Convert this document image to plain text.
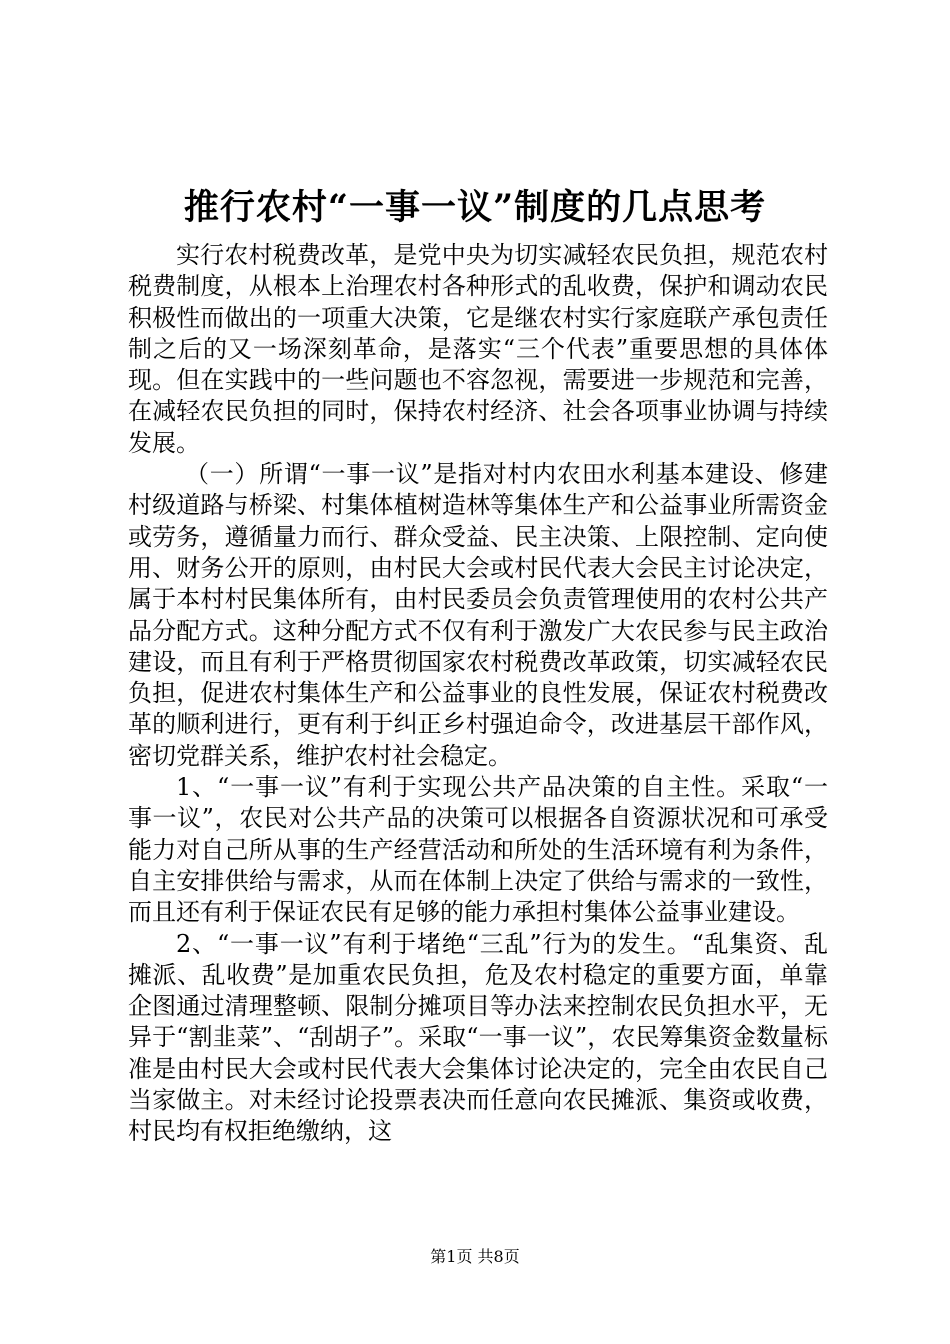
推行农村“一事一议”制度的几点思考

实行农村税费改革，是党中央为切实减轻农民负担，规范农村税费制度，从根本上治理农村各种形式的乱收费，保护和调动农民积极性而做出的一项重大决策，它是继农村实行家庭联产承包责任制之后的又一场深刻革命，是落实“三个代表”重要思想的具体体现。但在实践中的一些问题也不容忽视，需要进一步规范和完善，在减轻农民负担的同时，保持农村经济、社会各项事业协调与持续发展。

（一）所谓“一事一议”是指对村内农田水利基本建设、修建村级道路与桥梁、村集体植树造林等集体生产和公益事业所需资金或劳务，遵循量力而行、群众受益、民主决策、上限控制、定向使用、财务公开的原则，由村民大会或村民代表大会民主讨论决定，属于本村村民集体所有，由村民委员会负责管理使用的农村公共产品分配方式。这种分配方式不仅有利于激发广大农民参与民主政治建设，而且有利于严格贯彻国家农村税费改革政策，切实减轻农民负担，促进农村集体生产和公益事业的良性发展，保证农村税费改革的顺利进行，更有利于纠正乡村强迫命令，改进基层干部作风，密切党群关系，维护农村社会稳定。

1、“一事一议”有利于实现公共产品决策的自主性。采取“一事一议”，农民对公共产品的决策可以根据各自资源状况和可承受能力对自己所从事的生产经营活动和所处的生活环境有利为条件，自主安排供给与需求，从而在体制上决定了供给与需求的一致性，而且还有利于保证农民有足够的能力承担村集体公益事业建设。

2、“一事一议”有利于堵绝“三乱”行为的发生。“乱集资、乱摊派、乱收费”是加重农民负担，危及农村稳定的重要方面，单靠企图通过清理整顿、限制分摊项目等办法来控制农民负担水平，无异于“割韭菜”、“刮胡子”。采取“一事一议”，农民筹集资金数量标准是由村民大会或村民代表大会集体讨论决定的，完全由农民自己当家做主。对未经讨论投票表决而任意向农民摊派、集资或收费，村民均有权拒绝缴纳，这

第1页 共8页
